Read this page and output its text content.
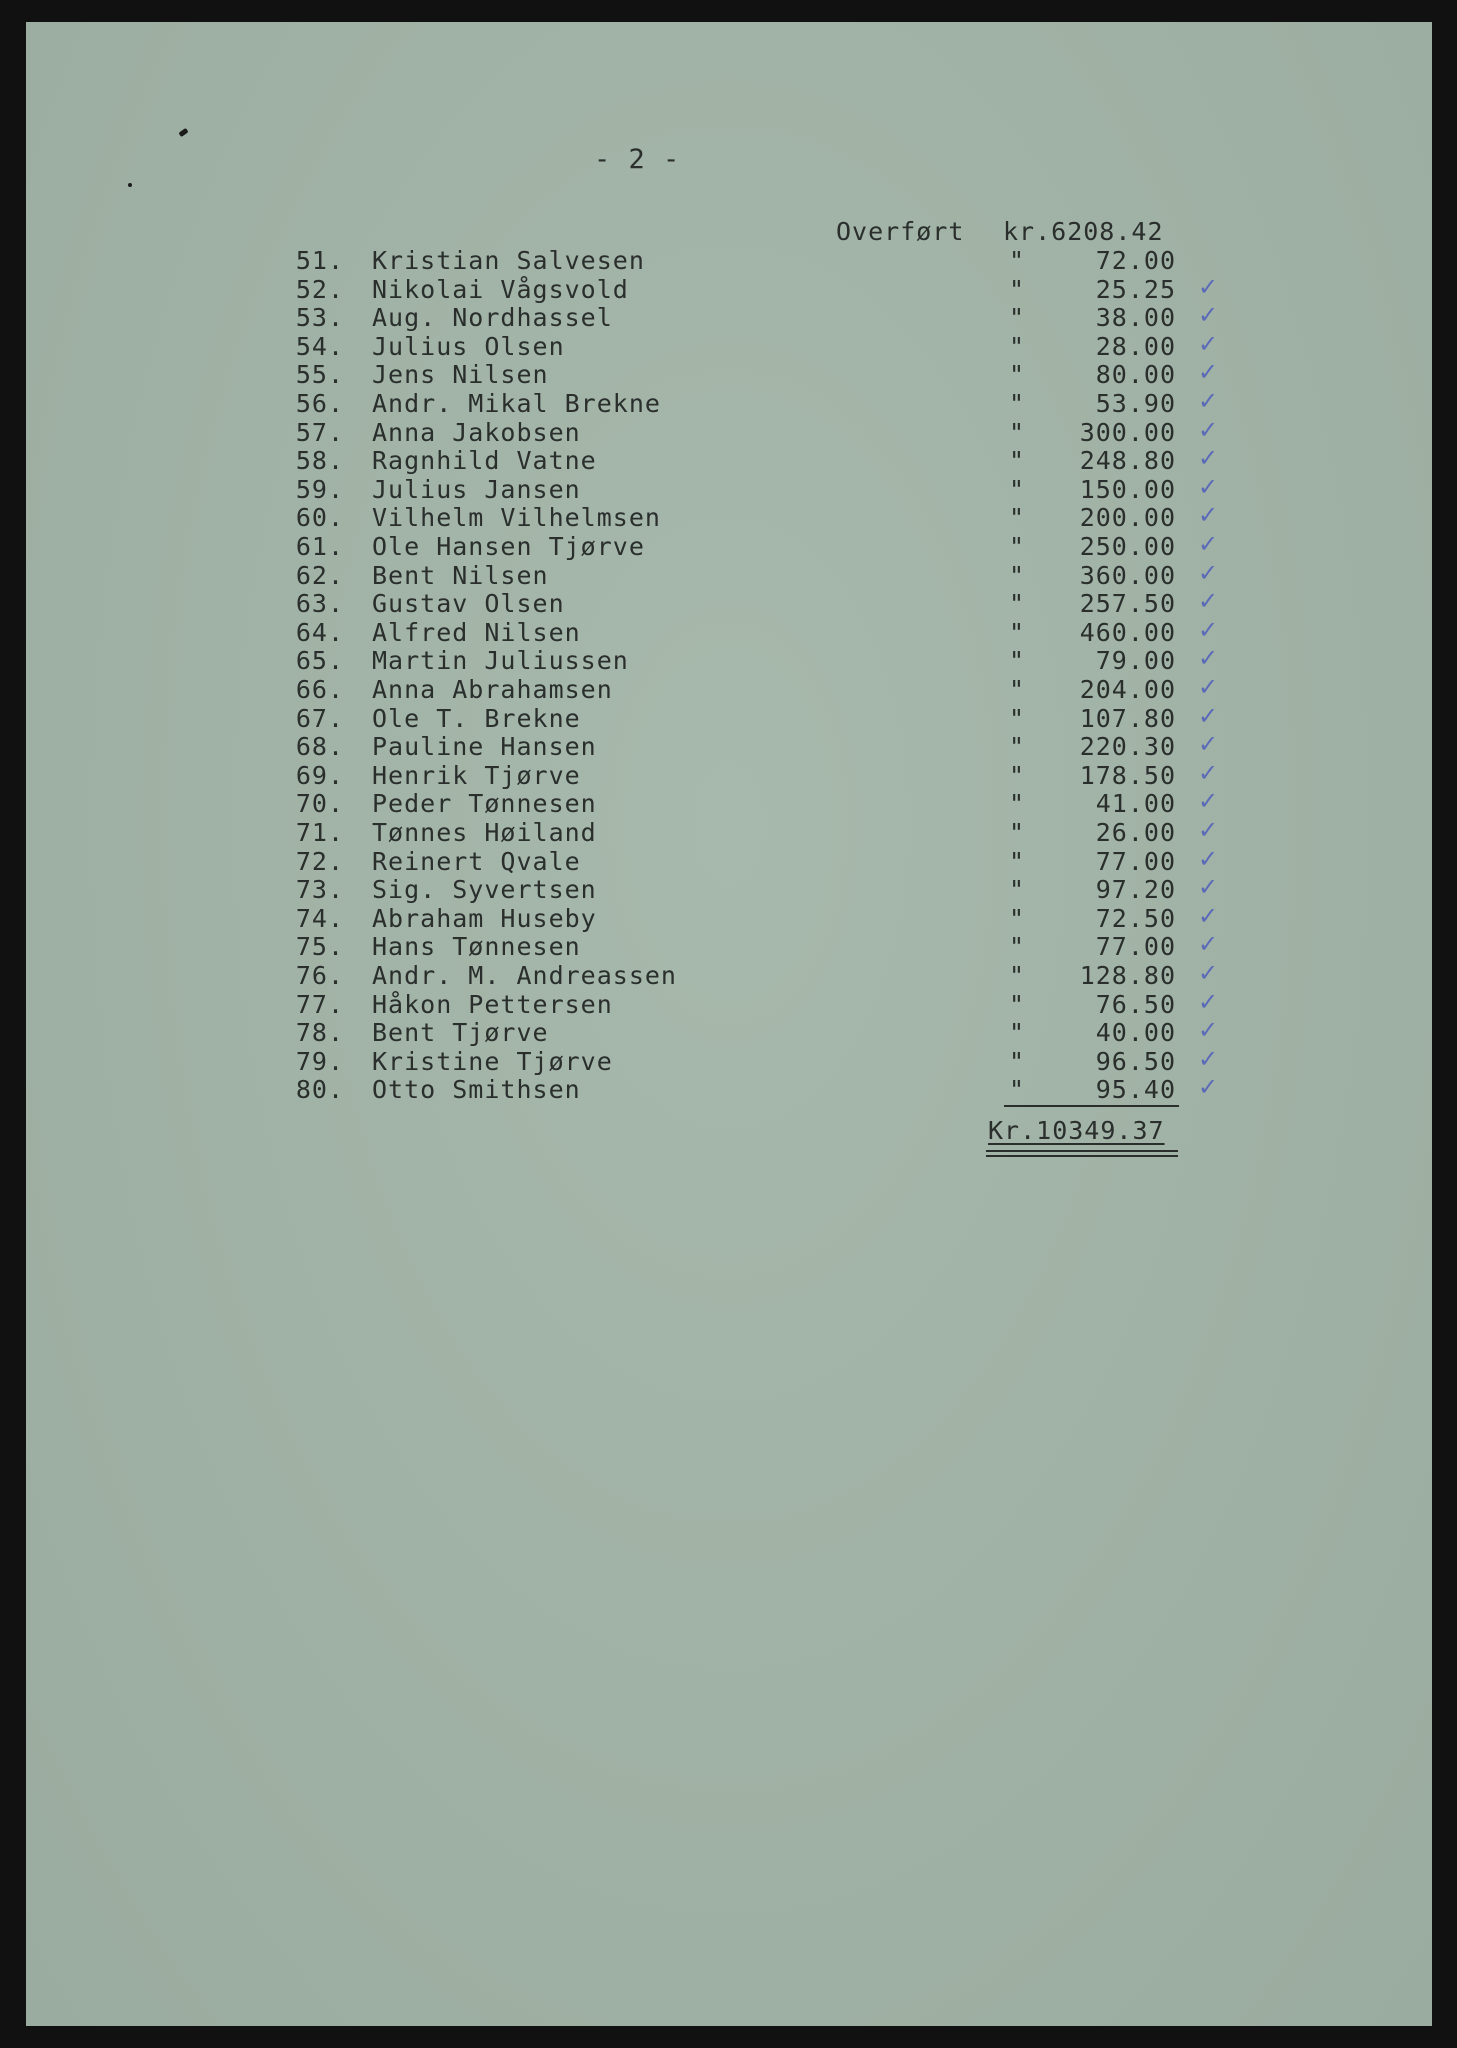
- 2 -
Overført kr.6208.42
51. Kristian Salvesen	"	72.00
52. Nikolai Vågsvold	"	25.25 ✓
53. Aug. Nordhassel	"	38.00 ✓
54. Julius Olsen	"	28.00 ✓
55. Jens Nilsen	"	80.00 ✓
56. Andr. Mikal Brekne	"	53.90 ✓
57. Anna Jakobsen	"	300.00 ✓
58. Ragnhild Vatne	"	248.80 ✓
59. Julius Jansen	"	150.00 ✓
60. Vilhelm Vilhelmsen	"	200.00 ✓
61. Ole Hansen Tjørve	"	250.00 ✓
62. Bent Nilsen	"	360.00 ✓
63. Gustav Olsen	"	257.50 ✓
64. Alfred Nilsen	"	460.00 ✓
65. Martin Juliussen	"	79.00 ✓
66. Anna Abrahamsen	"	204.00 ✓
67. Ole T. Brekne	"	107.80 ✓
68. Pauline Hansen	"	220.30 ✓
69. Henrik Tjørve	"	178.50 ✓
70. Peder Tønnesen	"	41.00 ✓
71. Tønnes Høiland	"	26.00 ✓
72. Reinert Qvale	"	77.00 ✓
73. Sig. Syvertsen	"	97.20 ✓
74. Abraham Huseby	"	72.50 ✓
75. Hans Tønnesen	"	77.00 ✓
76. Andr. M. Andreassen	"	128.80 ✓
77. Håkon Pettersen	"	76.50 ✓
78. Bent Tjørve	"	40.00 ✓
79. Kristine Tjørve	"	96.50 ✓
80. Otto Smithsen	"	95.40 ✓
Kr.10349.37
